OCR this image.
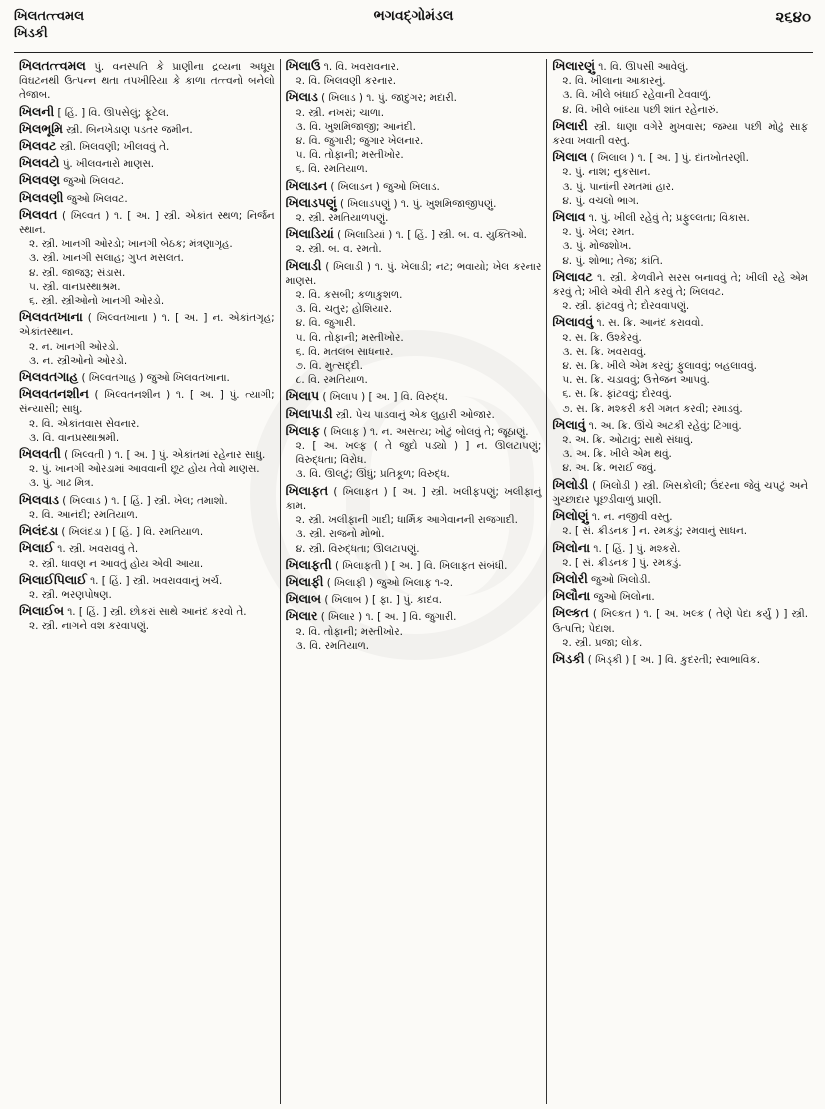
ખિલતત્ત્વમલ
ખિડકી
ભગવદ્ગોમંડલ	૨૬૪૦
ખિલતત્ત્વમલ પું. વનસ્પતિ કે પ્રાણીના દ્રવ્યના અધૂરા વિઘટનથી ઉત્પન્ન થતા તપખીરિયા કે કાળા તત્ત્વનો બનેલો તેજાબ.
ખિલની [ હિં. ] વિ. ઊપસેલું; ફૂટેલ.
ખિલભૂમિ સ્ત્રી. બિનખેડાણ પડતર જમીન.
ખિલવટ સ્ત્રી. ખિલવણી; ખીલવવું તે.
ખિલવટો પું. ખીલવનારો માણસ.
ખિલવણ જુઓ ખિલવટ.
ખિલવણી જુઓ ખિલવટ.
ખિલવત ( ખિલ્વત ) ૧. [ અ. ] સ્ત્રી. એકાંત સ્થળ; નિર્જન સ્થાન.
૨. સ્ત્રી. ખાનગી ઓરડો; ખાનગી બેઠક; મંત્રણાગૃહ.
૩. સ્ત્રી. ખાનગી સલાહ; ગુપ્ત મસલત.
૪. સ્ત્રી. જાજરૂ; સંડાસ.
૫. સ્ત્રી. વાનપ્રસ્થાશ્રમ.
૬. સ્ત્રી. સ્ત્રીઓનો ખાનગી ઓરડો.
ખિલવતખાના ( ખિલ્વતખાના ) ૧. [ અ. ] ન. એકાંતગૃહ; એકાંતસ્થાન.
૨. ન. ખાનગી ઓરડો.
૩. ન. સ્ત્રીઓનો ઓરડો.
ખિલવતગાહ ( ખિલ્વતગાહ ) જુઓ ખિલવતખાના.
ખિલવતનશીન ( ખિલ્વતનશીન ) ૧. [ અ. ] પું. ત્યાગી; સંન્યાસી; સાધુ.
૨. વિ. એકાંતવાસ સેવનાર.
૩. વિ. વાનપ્રસ્થાશ્રમી.
ખિલવતી ( ખિલ્વતી ) ૧. [ અ. ] પું. એકાંતમાં રહેનાર સાધુ.
૨. પું. ખાનગી ઓરડામાં આવવાની છૂટ હોય તેવો માણસ.
૩. પું. ગાઢ મિત્ર.
ખિલવાડ ( ખિલ્વાડ ) ૧. [ હિં. ] સ્ત્રી. ખેલ; તમાશો.
૨. વિ. આનંદી; રમતિયાળ.
ખિલંદડા ( ખિલંદડા ) [ હિં. ] વિ. રમતિયાળ.
ખિલાઈ ૧. સ્ત્રી. ખવરાવવું તે.
૨. સ્ત્રી. ધાવણ ન આવતું હોય એવી આયા.
ખિલાઈપિલાઈ ૧. [ હિં. ] સ્ત્રી. ખવરાવવાનું ખર્ચ.
૨. સ્ત્રી. ભરણપોષણ.
ખિલાઈબ ૧. [ હિં. ] સ્ત્રી. છોકરાં સાથે આનંદ કરવો તે.
૨. સ્ત્રી. નાગને વશ કરવાપણું.
ખિલાઉ ૧. વિ. ખવરાવનાર.
૨. વિ. ખિલવણી કરનાર.
ખિલાડ ( ખિલાડ ) ૧. પું. જાદુગર; મદારી.
૨. સ્ત્રી. નખરાં; ચાળા.
૩. વિ. ખુશમિજાજી; આનંદી.
૪. વિ. જુગારી; જુગાર ખેલનાર.
૫. વિ. તોફાની; મસ્તીખોર.
૬. વિ. રમતિયાળ.
ખિલાડન ( ખિલાડન ) જુઓ ખિલાડ.
ખિલાડપણું ( ખિલાડપણું ) ૧. પું. ખુશમિજાજીપણું.
૨. સ્ત્રી. રમતિયાળપણું.
ખિલાડિયાં ( ખિલાડિયાં ) ૧. [ હિં. ] સ્ત્રી. બ. વ. યુક્તિઓ.
૨. સ્ત્રી. બ. વ. રમતો.
ખિલાડી ( ખિલાડી ) ૧. પું. ખેલાડી; નટ; ભવાયો; ખેલ કરનાર માણસ.
૨. વિ. કસબી; કળાકુશળ.
૩. વિ. ચતુર; હોશિયાર.
૪. વિ. જુગારી.
૫. વિ. તોફાની; મસ્તીખોર.
૬. વિ. મતલબ સાધનાર.
૭. વિ. મુત્સદ્દી.
૮. વિ. રમતિયાળ.
ખિલાપ ( ખિલાપ ) [ અ. ] વિ. વિરુદ્ધ.
ખિલાપાડી સ્ત્રી. પેચ પાડવાનું એક લુહારી ઓજાર.
ખિલાફ ( ખિલાફ ) ૧. ન. અસત્ય; ખોટું બોલવું તે; જૂઠાણું.
૨. [ અ. ખલ્ફ ( તે જુદો પડ્યો ) ] ન. ઊલટાપણું; વિરુદ્ધતા; વિરોધ.
૩. વિ. ઊલટું; ઊંધું; પ્રતિકૂળ; વિરુદ્ધ.
ખિલાફત ( ખિલાફત ) [ અ. ] સ્ત્રી. ખલીફપણું; ખલીફાનું કામ.
૨. સ્ત્રી. ખલીફાની ગાદી; ધાર્મિક આગેવાનની રાજગાદી.
૩. સ્ત્રી. રાજનો મોભો.
૪. સ્ત્રી. વિરુદ્ધતા; ઊલટાપણું.
ખિલાફતી ( ખિલાફતી ) [ અ. ] વિ. ખિલાફત સંબંધી.
ખિલાફી ( ખિલાફી ) જુઓ ખિલાફ ૧-૨.
ખિલાબ ( ખિલાબ ) [ ફા. ] પું. કાદવ.
ખિલાર ( ખિલાર ) ૧. [ અ. ] વિ. જુગારી.
૨. વિ. તોફાની; મસ્તીખોર.
૩. વિ. રમતિયાળ.
ખિલારણું ૧. વિ. ઊપસી આવેલું.
૨. વિ. ખીલાના આકારનું.
૩. વિ. ખીલે બંધાઈ રહેવાની ટેવવાળું.
૪. વિ. ખીલે બાંધ્યા પછી શાંત રહેનારું.
ખિલારી સ્ત્રી. ધાણા વગેરે મુખવાસ; જમ્યા પછી મોઢું સાફ કરવા ખવાતી વસ્તુ.
ખિલાલ ( ખિલાલ ) ૧. [ અ. ] પું. દાંતખોતરણી.
૨. પું. નાશ; નુકસાન.
૩. પું. પાનાંની રમતમાં હાર.
૪. પું. વચલો ભાગ.
ખિલાવ ૧. પું. ખીલી રહેવું તે; પ્રફુલ્લતા; વિકાસ.
૨. પું. ખેલ; રમત.
૩. પું. મોજશોખ.
૪. પું. શોભા; તેજ; કાંતિ.
ખિલાવટ ૧. સ્ત્રી. કેળવીને સરસ બનાવવું તે; ખીલી રહે એમ કરવું તે; ખીલે એવી રીતે કરવું તે; ખિલવટ.
૨. સ્ત્રી. ફાંટવવું તે; દોરવવાપણું.
ખિલાવવું ૧. સ. ક્રિ. આનંદ કરાવવો.
૨. સ. ક્રિ. ઉશ્કેરવું.
૩. સ. ક્રિ. ખવરાવવું.
૪. સ. ક્રિ. ખીલે એમ કરવું; ફુલાવવું; બહલાવવું.
૫. સ. ક્રિ. ચડાવવું; ઉત્તેજન આપવું.
૬. સ. ક્રિ. ફાંટવવું; દોરવવું.
૭. સ. ક્રિ. મશ્કરી કરી ગમત કરવી; રમાડવું.
ખિલાવું ૧. અ. ક્રિ. ઊંચે અટકી રહેવું; ટિંગાવું.
૨. અ. ક્રિ. ઓટાવું; સાથે સંધાવું.
૩. અ. ક્રિ. ખીલે એમ થવું.
૪. અ. ક્રિ. ભરાઈ જવું.
ખિલોડી ( ખિલોડી ) સ્ત્રી. ખિસકોલી; ઉંદરના જેવું ચપટું અને ગુચ્છાદાર પૂછડીવાળું પ્રાણી.
ખિલોણું ૧. ન. નજીવી વસ્તુ.
૨. [ સં. ક્રીડનક ] ન. રમકડું; રમવાનું સાધન.
ખિલોના ૧. [ હિં. ] પું. મશ્કરો.
૨. [ સં. ક્રીડનક ] પું. રમકડું.
ખિલોરી જુઓ ખિલોડી.
ખિલૌના જુઓ ખિલોના.
ખિલ્કત ( ખિલ્કત ) ૧. [ અ. ખલ્ક ( તેણે પેદા કર્યું ) ] સ્ત્રી. ઉત્પત્તિ; પેદાશ.
૨. સ્ત્રી. પ્રજા; લોક.
ખિડકી ( ખિડ્કી ) [ અ. ] વિ. કુદરતી; સ્વાભાવિક.
